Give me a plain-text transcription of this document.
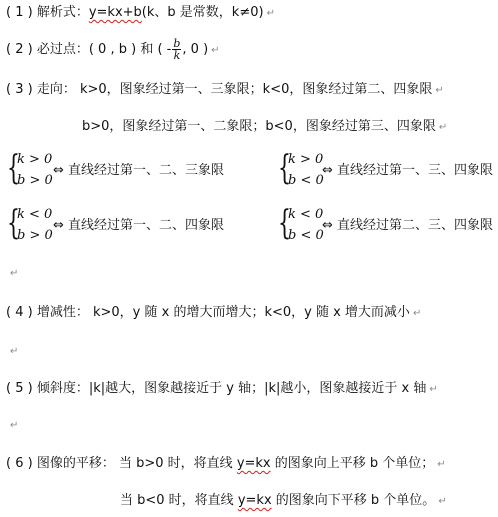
( 1 ) 解析式：y=kx+b(k、b 是常数，k≠0) ↵
( 2 ) 必过点：( 0 , b ) 和 ( - $\frac{b}{k}$ , 0 ) ↵
( 3 ) 走向： k>0，图象经过第一、三象限；k<0，图象经过第二、四象限 ↵
b>0，图象经过第一、二象限；b<0，图象经过第三、四象限 ↵
{
k > 0
b > 0
⇔ 直线经过第一、二、三象限 {
k > 0
b < 0
⇔ 直线经过第一、三、四象限
{
k < 0
b > 0
⇔ 直线经过第一、二、四象限 {
k < 0
b < 0
⇔ 直线经过第二、三、四象限
↵
( 4 ) 增减性： k>0，y 随 x 的增大而增大；k<0，y 随 x 增大而减小 ↵
↵
( 5 ) 倾斜度：|k|越大，图象越接近于 y 轴；|k|越小，图象越接近于 x 轴 ↵
↵
( 6 ) 图像的平移： 当 b>0 时，将直线 y=kx 的图象向上平移 b 个单位； ↵
当 b<0 时，将直线 y=kx 的图象向下平移 b 个单位。 ↵
